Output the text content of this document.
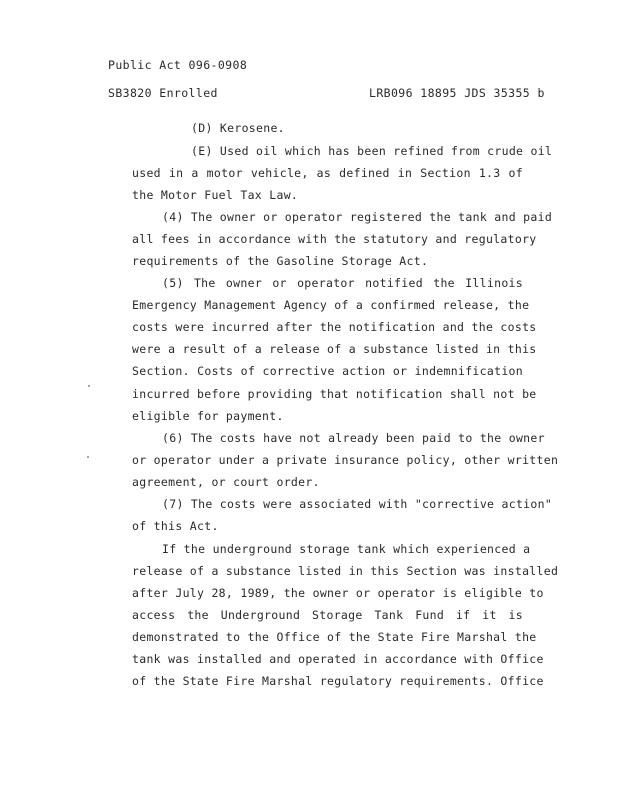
Public Act 096-0908
SB3820 Enrolled	LRB096 18895 JDS 35355 b
(D) Kerosene.
(E) Used oil which has been refined from crude oil
used in a motor vehicle, as defined in Section 1.3 of
the Motor Fuel Tax Law.
(4) The owner or operator registered the tank and paid
all fees in accordance with the statutory and regulatory
requirements of the Gasoline Storage Act.
(5) The owner or operator notified the Illinois
Emergency Management Agency of a confirmed release, the
costs were incurred after the notification and the costs
were a result of a release of a substance listed in this
Section. Costs of corrective action or indemnification
incurred before providing that notification shall not be
eligible for payment.
(6) The costs have not already been paid to the owner
or operator under a private insurance policy, other written
agreement, or court order.
(7) The costs were associated with "corrective action"
of this Act.
If the underground storage tank which experienced a
release of a substance listed in this Section was installed
after July 28, 1989, the owner or operator is eligible to
access the Underground Storage Tank Fund if it is
demonstrated to the Office of the State Fire Marshal the
tank was installed and operated in accordance with Office
of the State Fire Marshal regulatory requirements. Office
